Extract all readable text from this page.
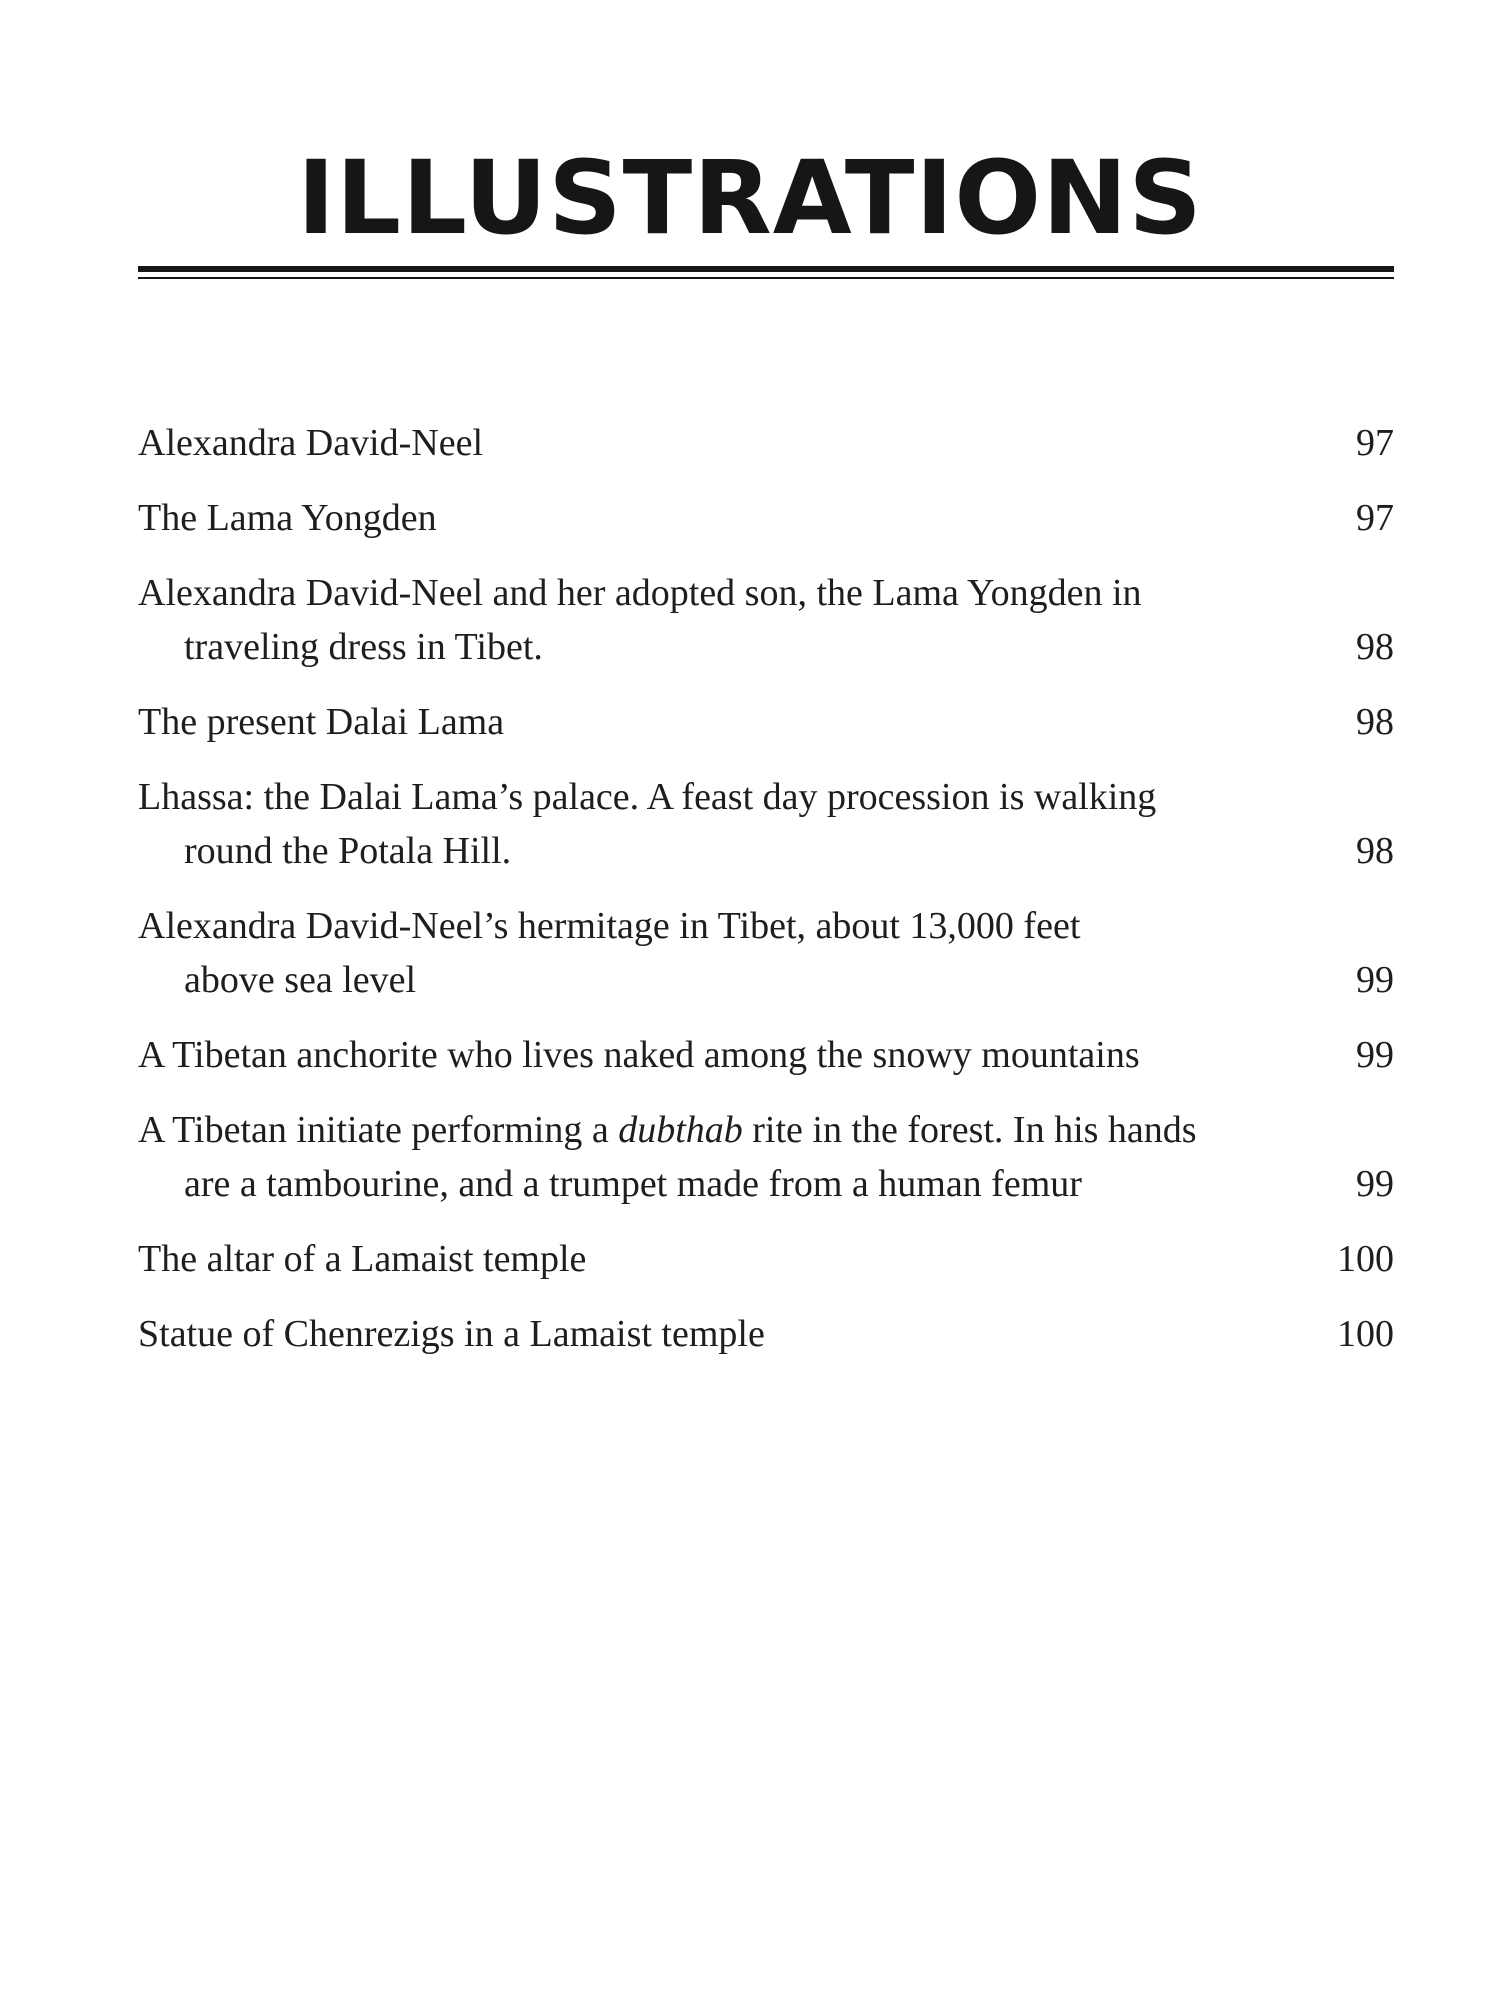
ILLUSTRATIONS
Alexandra David-Neel	97
The Lama Yongden	97
Alexandra David-Neel and her adopted son, the Lama Yongden in
traveling dress in Tibet.	98
The present Dalai Lama	98
Lhassa: the Dalai Lama’s palace. A feast day procession is walking
round the Potala Hill.	98
Alexandra David-Neel’s hermitage in Tibet, about 13,000 feet
above sea level	99
A Tibetan anchorite who lives naked among the snowy mountains	99
A Tibetan initiate performing a dubthab rite in the forest. In his hands
are a tambourine, and a trumpet made from a human femur	99
The altar of a Lamaist temple	100
Statue of Chenrezigs in a Lamaist temple	100
